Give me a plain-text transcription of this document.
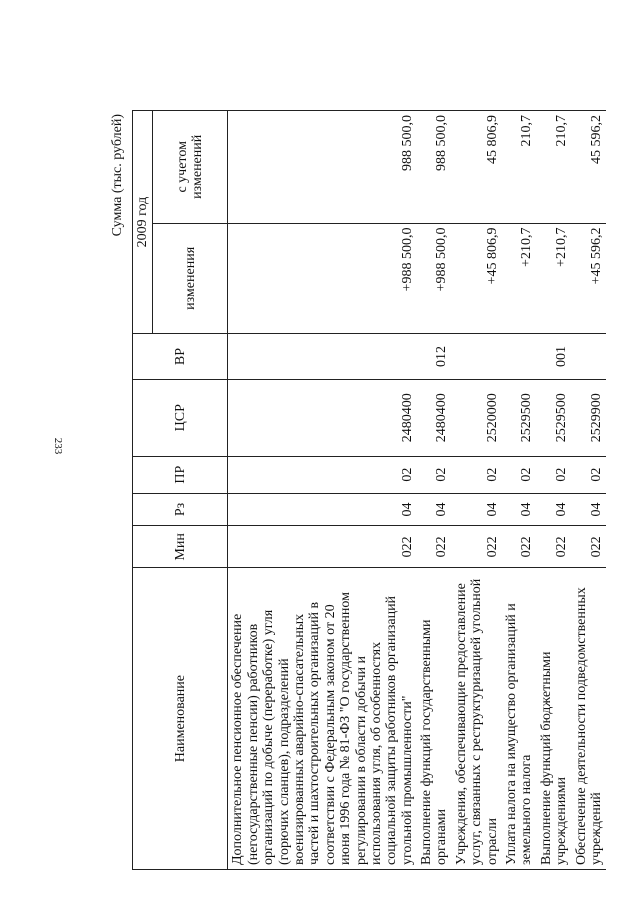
233
Сумма (тыс. рублей)
Наименование	Мин	Рз	ПР	ЦСР	ВР	2009 год	
						изменения	с учетом изменений
Дополнительное пенсионное обеспечение (негосударственные пенсии) работников организаций по добыче (переработке) угля (горючих сланцев), подразделений военизированных аварийно-спасательных частей и шахтостроительных организаций в соответствии с Федеральным законом от 20 июня 1996 года № 81-ФЗ "О государственном регулировании в области добычи и использования угля, об особенностях социальной защиты работников организаций угольной промышленности"	022	04	02	2480400		+988 500,0	988 500,0
Выполнение функций государственными органами	022	04	02	2480400	012	+988 500,0	988 500,0
Учреждения, обеспечивающие предоставление услуг, связанных с реструктуризацией угольной отрасли	022	04	02	2520000		+45 806,9	45 806,9
Уплата налога на имущество организаций и земельного налога	022	04	02	2529500		+210,7	210,7
Выполнение функций бюджетными учреждениями	022	04	02	2529500	001	+210,7	210,7
Обеспечение деятельности подведомственных учреждений	022	04	02	2529900		+45 596,2	45 596,2
